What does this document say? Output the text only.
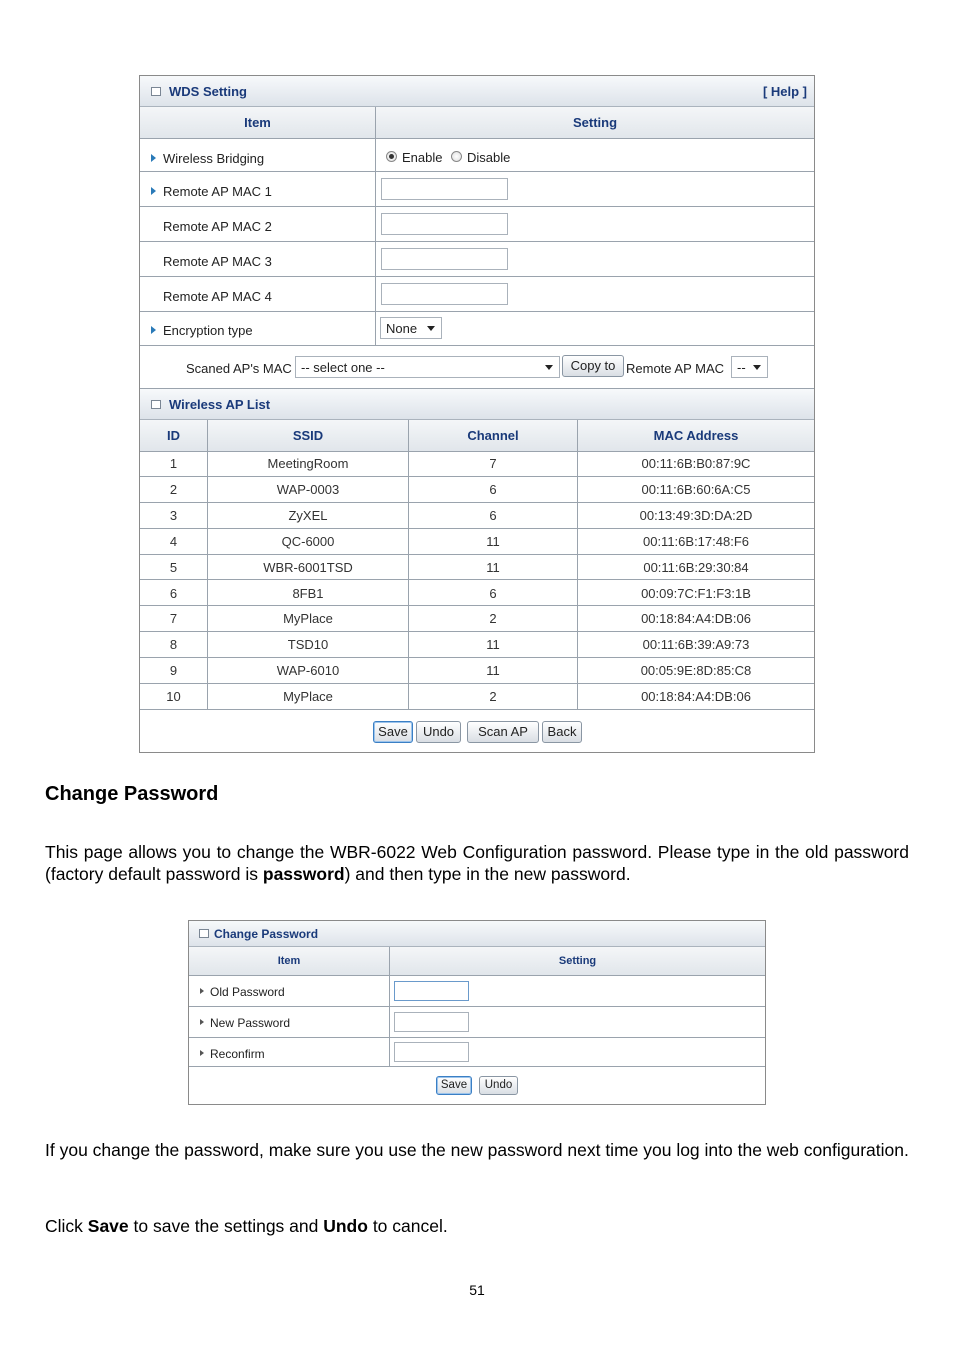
WDS Setting	[ Help ]
Item	Setting
Wireless Bridging	Enable Disable
Remote AP MAC 1
Remote AP MAC 2
Remote AP MAC 3
Remote AP MAC 4
Encryption type	None
Scaned AP's MAC -- select one --	Copy to Remote AP MAC --
Wireless AP List
ID	SSID	Channel	MAC Address
1	MeetingRoom	7	00:11:6B:B0:87:9C
2	WAP-0003	6	00:11:6B:60:6A:C5
3	ZyXEL	6	00:13:49:3D:DA:2D
4	QC-6000	11	00:11:6B:17:48:F6
5	WBR-6001TSD	11	00:11:6B:29:30:84
6	8FB1	6	00:09:7C:F1:F3:1B
7	MyPlace	2	00:18:84:A4:DB:06
8	TSD10	11	00:11:6B:39:A9:73
9	WAP-6010	11	00:05:9E:8D:85:C8
10	MyPlace	2	00:18:84:A4:DB:06
Save	Undo	Scan AP	Back
Change Password
This page allows you to change the WBR-6022 Web Configuration password. Please type in the old password (factory default password is password) and then type in the new password.
Change Password
Item	Setting
Old Password
New Password
Reconfirm
Save	Undo
If you change the password, make sure you use the new password next time you log into the web configuration.
Click Save to save the settings and Undo to cancel.
51
